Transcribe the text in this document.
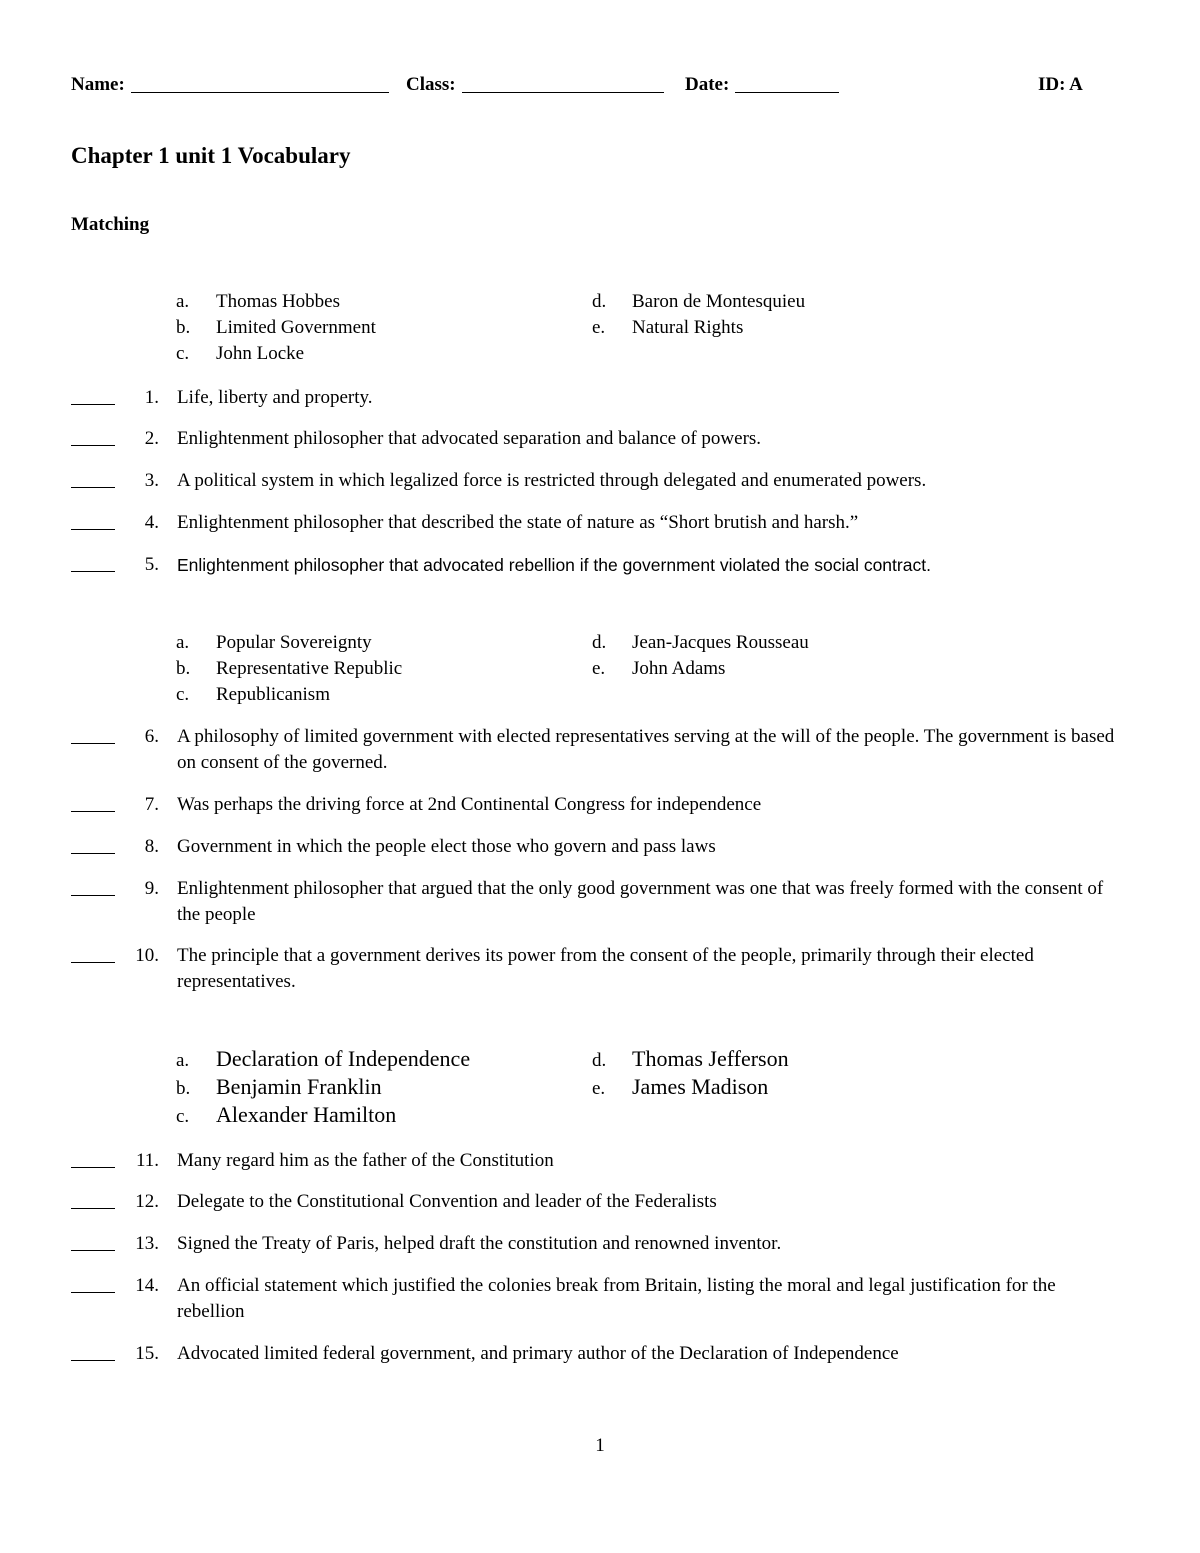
Name:	Class:	Date:	ID: A
Chapter 1 unit 1 Vocabulary
Matching
a. Thomas Hobbes
b. Limited Government
c. John Locke
d. Baron de Montesquieu
e. Natural Rights
1. Life, liberty and property.
2. Enlightenment philosopher that advocated separation and balance of powers.
3. A political system in which legalized force is restricted through delegated and enumerated powers.
4. Enlightenment philosopher that described the state of nature as “Short brutish and harsh.”
5. Enlightenment philosopher that advocated rebellion if the government violated the social contract.
a. Popular Sovereignty
b. Representative Republic
c. Republicanism
d. Jean-Jacques Rousseau
e. John Adams
6. A philosophy of limited government with elected representatives serving at the will of the people. The government is based on consent of the governed.
7. Was perhaps the driving force at 2nd Continental Congress for independence
8. Government in which the people elect those who govern and pass laws
9. Enlightenment philosopher that argued that the only good government was one that was freely formed with the consent of the people
10. The principle that a government derives its power from the consent of the people, primarily through their elected representatives.
a. Declaration of Independence
b. Benjamin Franklin
c. Alexander Hamilton
d. Thomas Jefferson
e. James Madison
11. Many regard him as the father of the Constitution
12. Delegate to the Constitutional Convention and leader of the Federalists
13. Signed the Treaty of Paris, helped draft the constitution and renowned inventor.
14. An official statement which justified the colonies break from Britain, listing the moral and legal justification for the rebellion
15. Advocated limited federal government, and primary author of the Declaration of Independence
1
